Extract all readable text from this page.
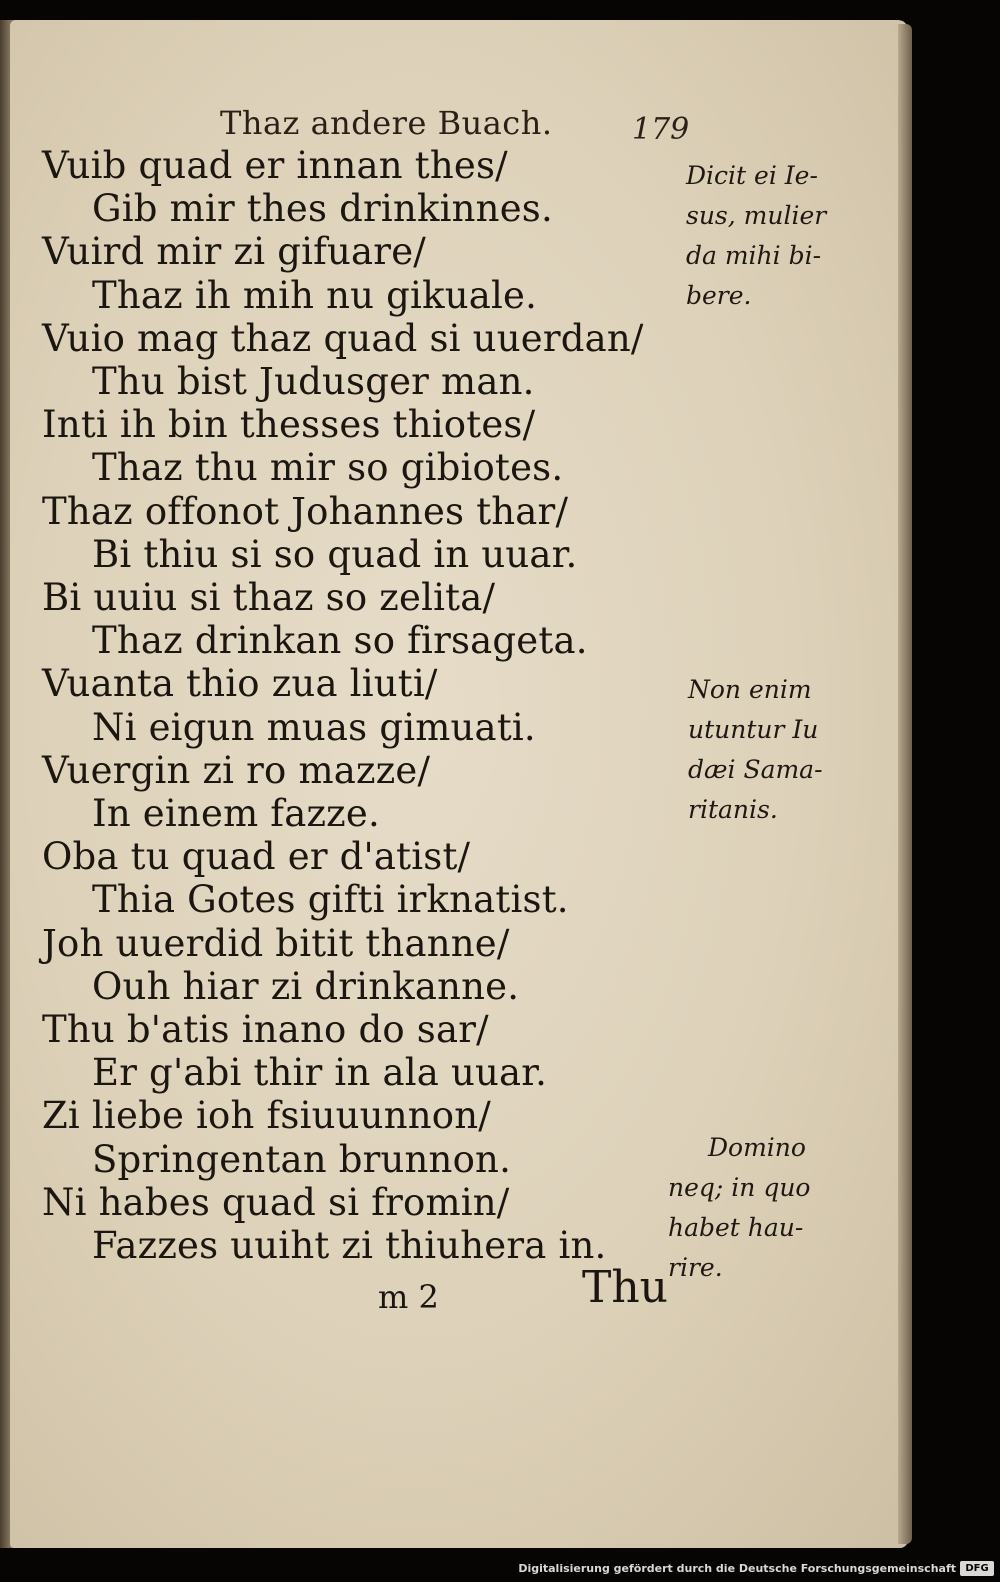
Thaz andere Buach.	179

Vuib quad er innan thes/

Gib mir thes drinkinnes.

Vuird mir zi gifuare/

Thaz ih mih nu gikuale.

Vuio mag thaz quad si uuerdan/

Thu bist Judusger man.

Inti ih bin thesses thiotes/

Thaz thu mir so gibiotes.

Thaz offonot Johannes thar/

Bi thiu si so quad in uuar.

Bi uuiu si thaz so zelita/

Thaz drinkan so firsageta.

Vuanta thio zua liuti/

Ni eigun muas gimuati.

Vuergin zi ro mazze/

In einem fazze.

Oba tu quad er d'atist/

Thia Gotes gifti irknatist.

Joh uuerdid bitit thanne/

Ouh hiar zi drinkanne.

Thu b'atis inano do sar/

Er g'abi thir in ala uuar.

Zi liebe ioh fsiuuunnon/

Springentan brunnon.

Ni habes quad si fromin/

Fazzes uuiht zi thiuhera in.

Dicit ei Ie-
sus, mulier
da mihi bi-
bere.
Non enim
utuntur Iu
dæi Sama-
ritanis.
Domino
neq; in quo
habet hau-
rire.
m 2	Thu
Digitalisierung gefördert durch die Deutsche Forschungsgemeinschaft DFG
